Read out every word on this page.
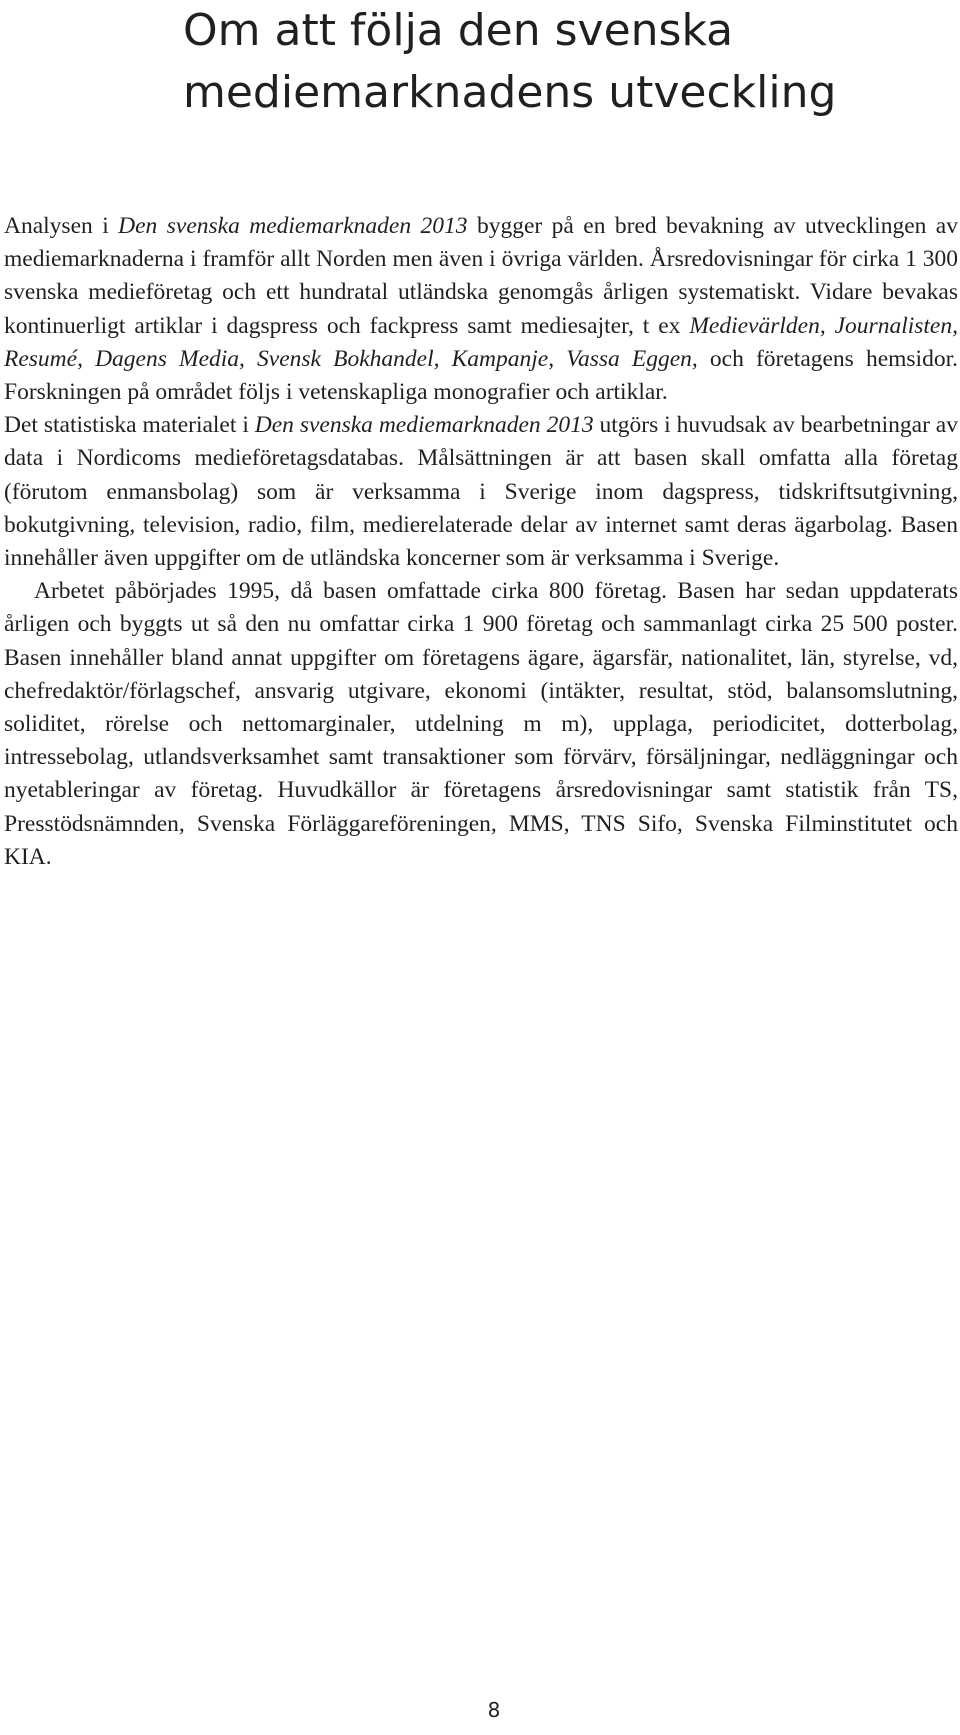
Om att följa den svenska
mediemarknadens utveckling

Analysen i Den svenska mediemarknaden 2013 bygger på en bred bevakning av utvecklingen av mediemarknaderna i framför allt Norden men även i övriga världen. Årsredovisningar för cirka 1 300 svenska medieföretag och ett hundratal utländska genomgås årligen systematiskt. Vidare bevakas kontinuerligt artiklar i dagspress och fackpress samt mediesajter, t ex Medievärlden, Journalisten, Resumé, Dagens Media, Svensk Bokhandel, Kampanje, Vassa Eggen, och företagens hemsidor. Forskningen på området följs i vetenskapliga monografier och artiklar.

Det statistiska materialet i Den svenska mediemarknaden 2013 utgörs i huvudsak av bearbetningar av data i Nordicoms medieföretagsdatabas. Målsättningen är att basen skall omfatta alla företag (förutom enmansbolag) som är verksamma i Sverige inom dagspress, tidskriftsutgivning, bokutgivning, television, radio, film, medierelaterade delar av internet samt deras ägarbolag. Basen innehåller även uppgifter om de utländska koncerner som är verksamma i Sverige.

Arbetet påbörjades 1995, då basen omfattade cirka 800 företag. Basen har sedan uppdaterats årligen och byggts ut så den nu omfattar cirka 1 900 företag och sammanlagt cirka 25 500 poster. Basen innehåller bland annat uppgifter om företagens ägare, ägarsfär, nationalitet, län, styrelse, vd, chefredaktör/förlagschef, ansvarig utgivare, ekonomi (intäkter, resultat, stöd, balansomslutning, soliditet, rörelse och nettomarginaler, utdelning m m), upplaga, periodicitet, dotterbolag, intressebolag, utlandsverksamhet samt transaktioner som förvärv, försäljningar, nedläggningar och nyetableringar av företag. Huvudkällor är företagens årsredovisningar samt statistik från TS, Presstödsnämnden, Svenska Förläggareföreningen, MMS, TNS Sifo, Svenska Filminstitutet och KIA.

8
